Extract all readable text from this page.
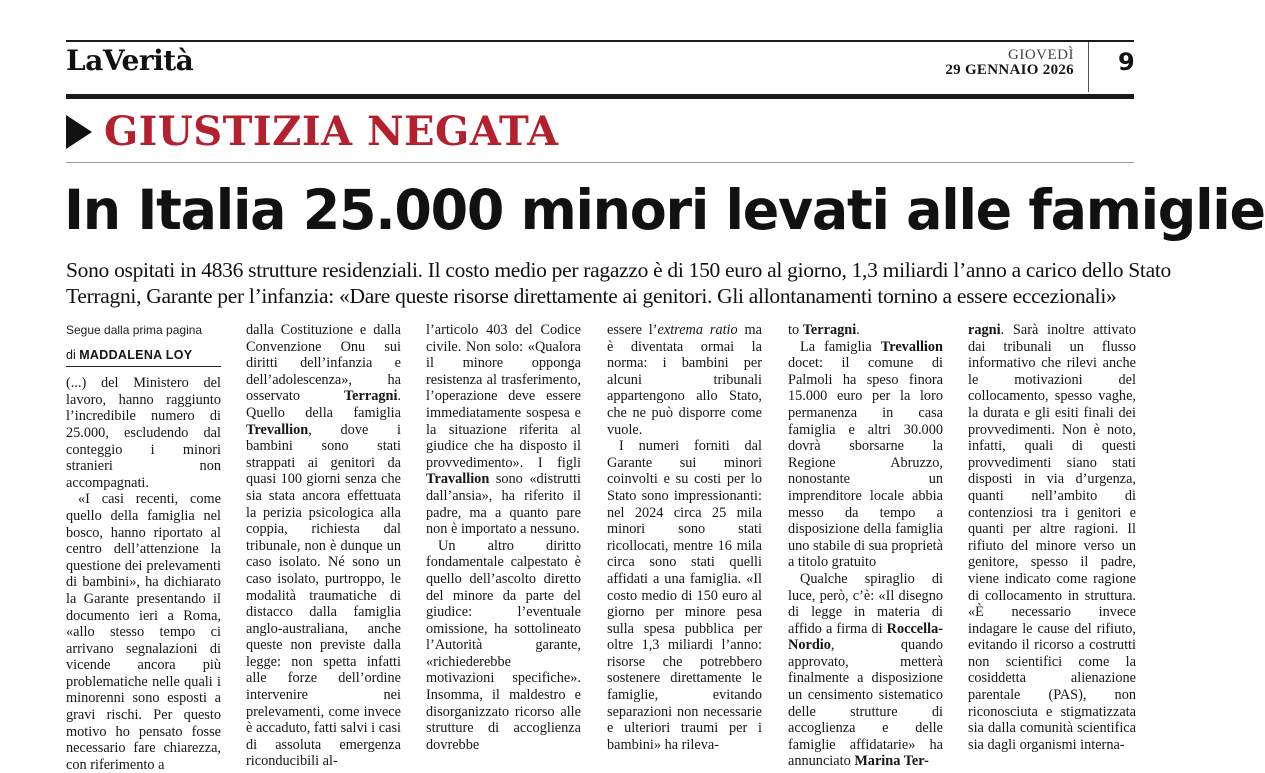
LaVerità	GIOVEDÌ
29 GENNAIO 2026 9
GIUSTIZIA NEGATA
In Italia 25.000 minori levati alle famiglie
Sono ospitati in 4836 strutture residenziali. Il costo medio per ragazzo è di 150 euro al giorno, 1,3 miliardi l’anno a carico dello Stato
Terragni, Garante per l’infanzia: «Dare queste risorse direttamente ai genitori. Gli allontanamenti tornino a essere eccezionali»
Segue dalla prima pagina
di MADDALENA LOY

(...) del Ministero del lavoro, hanno raggiunto l’incredibile numero di 25.000, escludendo dal conteggio i minori stranieri non accompagnati.

«I casi recenti, come quello della famiglia nel bosco, hanno riportato al centro dell’attenzione la questione dei prelevamenti di bambini», ha dichiarato la Garante presentando il documento ieri a Roma, «allo stesso tempo ci arrivano segnalazioni di vicende ancora più problematiche nelle quali i minorenni sono esposti a gravi rischi. Per questo motivo ho pensato fosse necessario fare chiarezza, con riferimento a

dalla Costituzione e dalla Convenzione Onu sui diritti dell’infanzia e dell’adolescenza», ha osservato Terragni. Quello della famiglia Trevallion, dove i bambini sono stati strappati ai genitori da quasi 100 giorni senza che sia stata ancora effettuata la perizia psicologica alla coppia, richiesta dal tribunale, non è dunque un caso isolato. Né sono un caso isolato, purtroppo, le modalità traumatiche di distacco dalla famiglia anglo-australiana, anche queste non previste dalla legge: non spetta infatti alle forze dell’ordine intervenire nei prelevamenti, come invece è accaduto, fatti salvi i casi di assoluta emergenza riconducibili al-

l’articolo 403 del Codice civile. Non solo: «Qualora il minore opponga resistenza al trasferimento, l’operazione deve essere immediatamente sospesa e la situazione riferita al giudice che ha disposto il provvedimento». I figli Travallion sono «distrutti dall’ansia», ha riferito il padre, ma a quanto pare non è importato a nessuno.

Un altro diritto fondamentale calpestato è quello dell’ascolto diretto del minore da parte del giudice: l’eventuale omissione, ha sottolineato l’Autorità garante, «richiederebbe motivazioni specifiche». Insomma, il maldestro e disorganizzato ricorso alle strutture di accoglienza dovrebbe

essere l’extrema ratio ma è diventata ormai la norma: i bambini per alcuni tribunali appartengono allo Stato, che ne può disporre come vuole.

I numeri forniti dal Garante sui minori coinvolti e su costi per lo Stato sono impressionanti: nel 2024 circa 25 mila minori sono stati ricollocati, mentre 16 mila circa sono stati quelli affidati a una famiglia. «Il costo medio di 150 euro al giorno per minore pesa sulla spesa pubblica per oltre 1,3 miliardi l’anno: risorse che potrebbero sostenere direttamente le famiglie, evitando separazioni non necessarie e ulteriori traumi per i bambini» ha rileva-

to Terragni.

La famiglia Trevallion docet: il comune di Palmoli ha speso finora 15.000 euro per la loro permanenza in casa famiglia e altri 30.000 dovrà sborsarne la Regione Abruzzo, nonostante un imprenditore locale abbia messo da tempo a disposizione della famiglia uno stabile di sua proprietà a titolo gratuito

Qualche spiraglio di luce, però, c’è: «Il disegno di legge in materia di affido a firma di Roccella-Nordio, quando approvato, metterà finalmente a disposizione un censimento sistematico delle strutture di accoglienza e delle famiglie affidatarie» ha annunciato Marina Ter-

ragni. Sarà inoltre attivato dai tribunali un flusso informativo che rilevi anche le motivazioni del collocamento, spesso vaghe, la durata e gli esiti finali dei provvedimenti. Non è noto, infatti, quali di questi provvedimenti siano stati disposti in via d’urgenza, quanti nell’ambito di contenziosi tra i genitori e quanti per altre ragioni. Il rifiuto del minore verso un genitore, spesso il padre, viene indicato come ragione di collocamento in struttura. «È necessario invece indagare le cause del rifiuto, evitando il ricorso a costrutti non scientifici come la cosiddetta alienazione parentale (PAS), non riconosciuta e stigmatizzata sia dalla comunità scientifica sia dagli organismi interna-
